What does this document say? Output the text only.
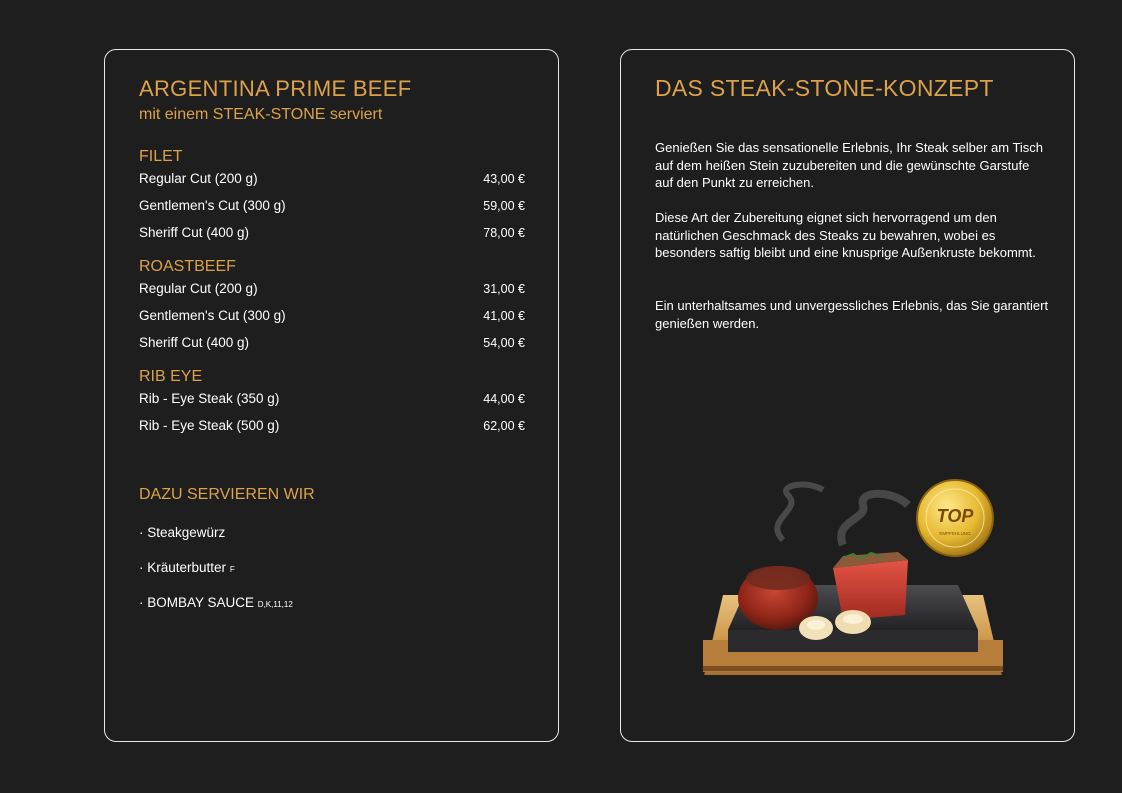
ARGENTINA PRIME BEEF

mit einem STEAK-STONE serviert

FILET
Regular Cut (200 g)	43,00 €
Gentlemen's Cut (300 g)	59,00 €
Sheriff Cut (400 g)	78,00 €
ROASTBEEF
Regular Cut (200 g)	31,00 €
Gentlemen's Cut (300 g)	41,00 €
Sheriff Cut (400 g)	54,00 €
RIB EYE
Rib - Eye Steak (350 g)	44,00 €
Rib - Eye Steak (500 g)	62,00 €

DAZU SERVIEREN WIR

· Steakgewürz
· Kräuterbutter F
· BOMBAY SAUCE D,K,11,12
DAS STEAK-STONE-KONZEPT

Genießen Sie das sensationelle Erlebnis, Ihr Steak selber am Tisch auf dem heißen Stein zuzubereiten und die gewünschte Garstufe auf den Punkt zu erreichen.

Diese Art der Zubereitung eignet sich hervorragend um den natürlichen Geschmack des Steaks zu bewahren, wobei es besonders saftig bleibt und eine knusprige Außenkruste bekommt.

Ein unterhaltsames und unvergessliches Erlebnis, das Sie garantiert genießen werden.

TOP
EMPFEHLUNG
